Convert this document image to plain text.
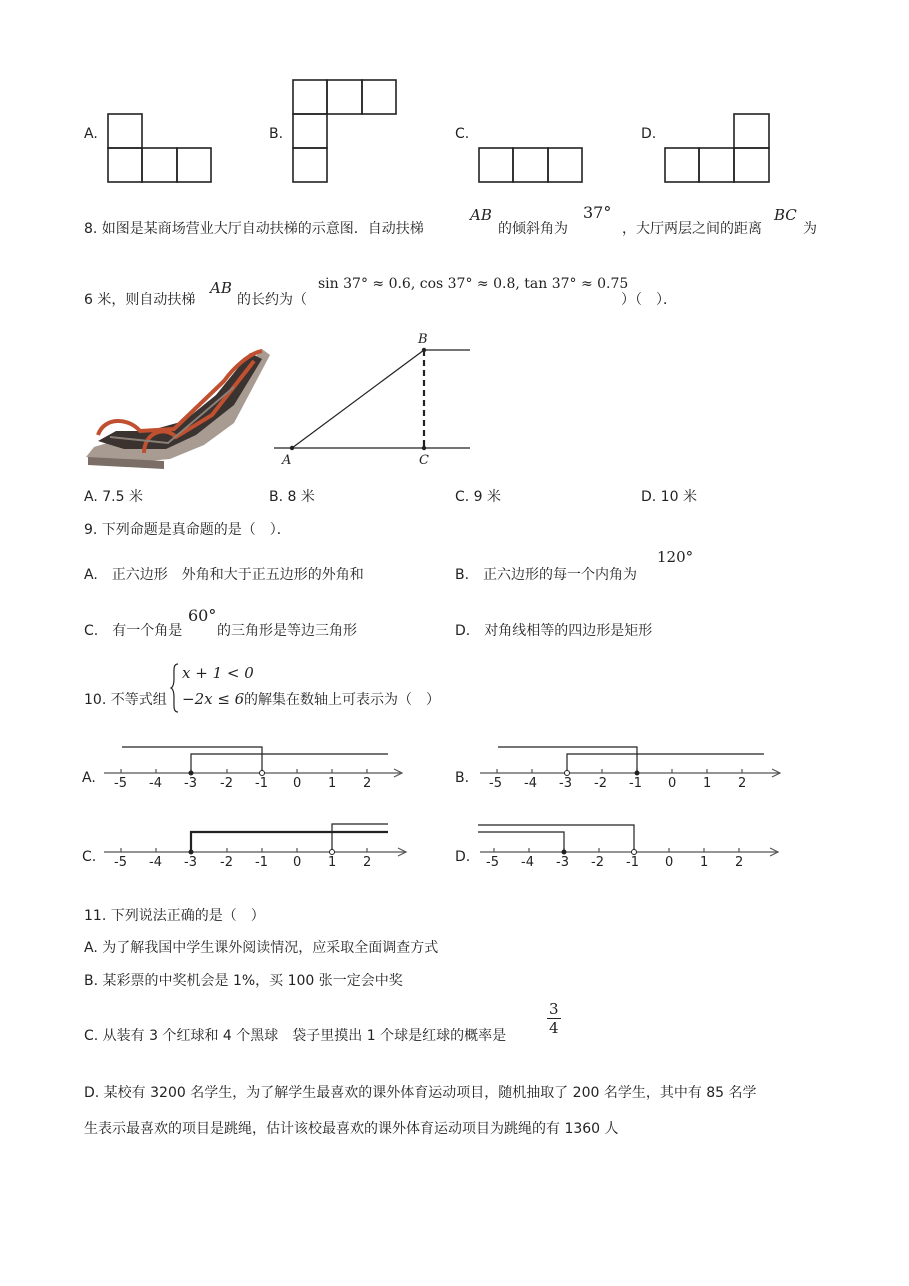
A.	B.	C.	D.
8. 如图是某商场营业大厅自动扶梯的示意图．自动扶梯
AB
的倾斜角为
37°
，大厅两层之间的距离
BC
为
6 米，则自动扶梯
AB
的长约为（
sin 37° ≈ 0.6, cos 37° ≈ 0.8, tan 37° ≈ 0.75
）（　）．
B
A	C
A. 7.5 米	B. 8 米	C. 9 米	D. 10 米
9. 下列命题是真命题的是（　）．
A.　正六边形　外角和大于正五边形的外角和	B.　正六边形的每一个内角为
120°
C.　有一个角是
60°
的三角形是等边三角形	D.　对角线相等的四边形是矩形
10. 不等式组
x + 1 < 0
−2x ≤ 6 的解集在数轴上可表示为（　）
A. -5 -4 -3 -2 -1 0 1 2	B. -5 -4 -3 -2 -1 0 1 2
C. -5 -4 -3 -2 -1 0 1 2	D. -5 -4 -3 -2 -1 0 1 2
11. 下列说法正确的是（　）
A. 为了解我国中学生课外阅读情况，应采取全面调查方式
B. 某彩票的中奖机会是 1%，买 100 张一定会中奖
C. 从装有 3 个红球和 4 个黑球　袋子里摸出 1 个球是红球的概率是	$\frac{3}{4}$
D. 某校有 3200 名学生，为了解学生最喜欢的课外体育运动项目，随机抽取了 200 名学生，其中有 85 名学
生表示最喜欢的项目是跳绳，估计该校最喜欢的课外体育运动项目为跳绳的有 1360 人
